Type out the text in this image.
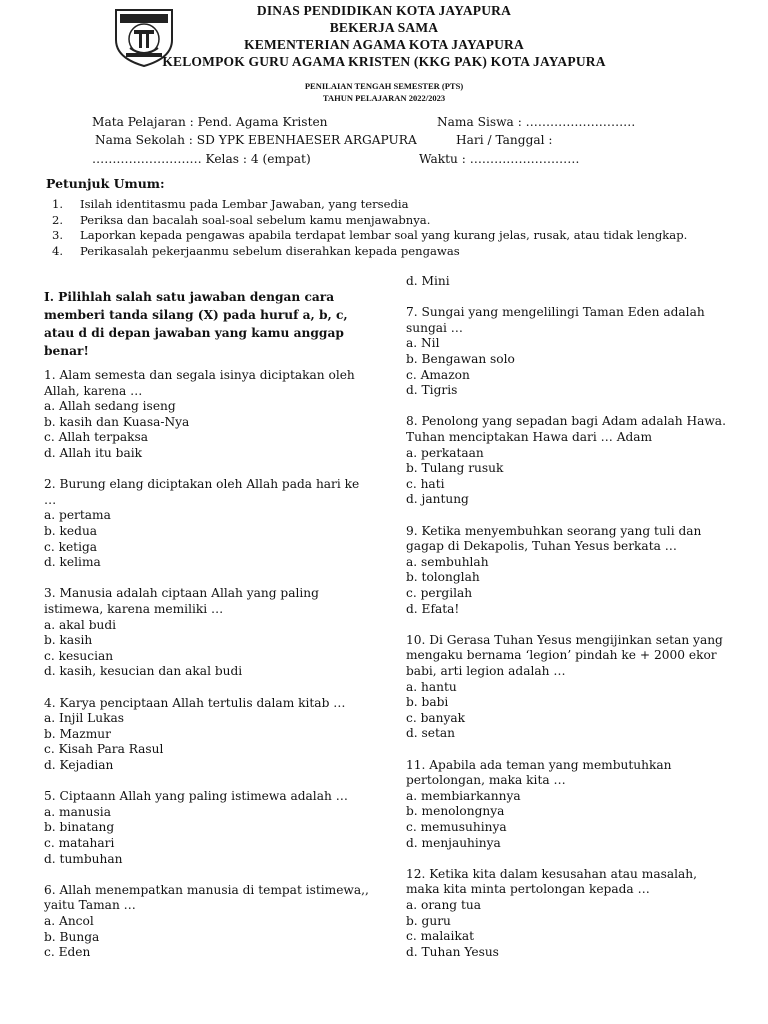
DINAS PENDIDIKAN KOTA JAYAPURA
BEKERJA SAMA
KEMENTERIAN AGAMA KOTA JAYAPURA
KELOMPOK GURU AGAMA KRISTEN (KKG PAK) KOTA JAYAPURA
PENILAIAN TENGAH SEMESTER (PTS)
TAHUN PELAJARAN 2022/2023
Mata Pelajaran : Pend. Agama Kristen	Nama Siswa : ………………………
Nama Sekolah : SD YPK EBENHAESER ARGAPURA	Hari / Tanggal :
……………………… Kelas : 4 (empat)	Waktu : ………………………
Petunjuk Umum:
1. Isilah identitasmu pada Lembar Jawaban, yang tersedia
2. Periksa dan bacalah soal-soal sebelum kamu menjawabnya.
3. Laporkan kepada pengawas apabila terdapat lembar soal yang kurang jelas, rusak, atau tidak lengkap.
4. Perikasalah pekerjaanmu sebelum diserahkan kepada pengawas
I. Pilihlah salah satu jawaban dengan cara
memberi tanda silang (X) pada huruf a, b, c,
atau d di depan jawaban yang kamu anggap
benar!
1. Alam semesta dan segala isinya diciptakan oleh
Allah, karena …
a. Allah sedang iseng
b. kasih dan Kuasa-Nya
c. Allah terpaksa
d. Allah itu baik
2. Burung elang diciptakan oleh Allah pada hari ke
…
a. pertama
b. kedua
c. ketiga
d. kelima
3. Manusia adalah ciptaan Allah yang paling
istimewa, karena memiliki …
a. akal budi
b. kasih
c. kesucian
d. kasih, kesucian dan akal budi
4. Karya penciptaan Allah tertulis dalam kitab …
a. Injil Lukas
b. Mazmur
c. Kisah Para Rasul
d. Kejadian
5. Ciptaann Allah yang paling istimewa adalah …
a. manusia
b. binatang
c. matahari
d. tumbuhan
6. Allah menempatkan manusia di tempat istimewa,,
yaitu Taman …
a. Ancol
b. Bunga
c. Eden
d. Mini
7. Sungai yang mengelilingi Taman Eden adalah
sungai …
a. Nil
b. Bengawan solo
c. Amazon
d. Tigris
8. Penolong yang sepadan bagi Adam adalah Hawa.
Tuhan menciptakan Hawa dari … Adam
a. perkataan
b. Tulang rusuk
c. hati
d. jantung
9. Ketika menyembuhkan seorang yang tuli dan
gagap di Dekapolis, Tuhan Yesus berkata …
a. sembuhlah
b. tolonglah
c. pergilah
d. Efata!
10. Di Gerasa Tuhan Yesus mengijinkan setan yang
mengaku bernama ‘legion’ pindah ke + 2000 ekor
babi, arti legion adalah …
a. hantu
b. babi
c. banyak
d. setan
11. Apabila ada teman yang membutuhkan
pertolongan, maka kita …
a. membiarkannya
b. menolongnya
c. memusuhinya
d. menjauhinya
12. Ketika kita dalam kesusahan atau masalah,
maka kita minta pertolongan kepada …
a. orang tua
b. guru
c. malaikat
d. Tuhan Yesus
